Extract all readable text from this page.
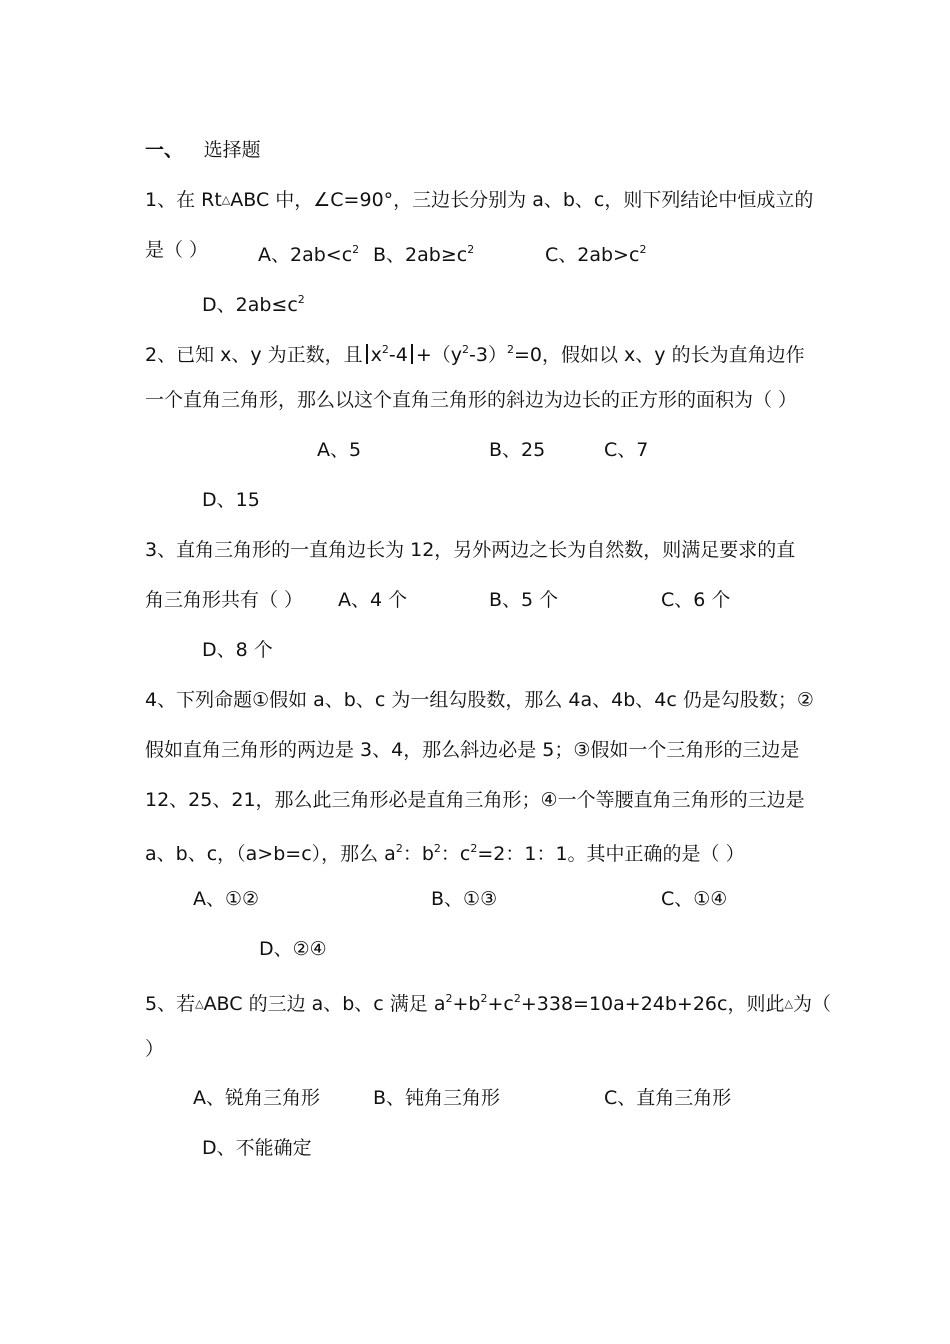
一、 选择题
1、在 Rt△ABC 中，∠C=90°，三边长分别为 a、b、c，则下列结论中恒成立的
是（ ）	A、$2ab<c^2$ B、$2ab\ge c^2$	C、$2ab>c^2$
D、$2ab\le c^2$
2、已知 x、y 为正数，且 $x^2-4 +(y^2-3)^2=0$，假如以 x、y 的长为直角边作
一个直角三角形，那么以这个直角三角形的斜边为边长的正方形的面积为（ ）
A、5	B、25	C、7
D、15
3、直角三角形的一直角边长为 12，另外两边之长为自然数，则满足要求的直
角三角形共有（ ） A、4 个	B、5 个	C、6 个
D、8 个
4、下列命题①假如 a、b、c 为一组勾股数，那么 4a、4b、4c 仍是勾股数；②
假如直角三角形的两边是 3、4，那么斜边必是 5；③假如一个三角形的三边是
12、25、21，那么此三角形必是直角三角形；④一个等腰直角三角形的三边是
a、b、c，（a>b=c），那么 $a^2$：$b^2$：$c^2=2$：1：1。其中正确的是（ ）
A、①②	B、①③	C、①④
D、②④
5、若△ABC 的三边 a、b、c 满足 $a^2+b^2+c^2+338=10a+24b+26c$，则此△为（
）
A、锐角三角形	B、钝角三角形	C、直角三角形
D、不能确定
